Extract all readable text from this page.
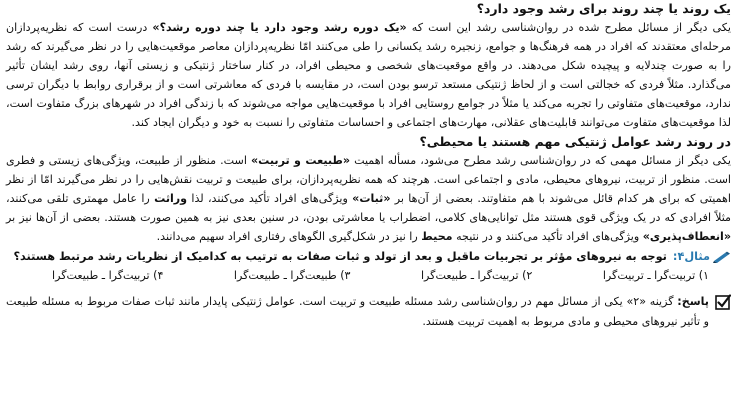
یک روند یا چند روند برای رشد وجود دارد؟

یکی دیگر از مسائل مطرح شده در روان‌شناسی رشد این است که «یک دوره رشد وجود دارد یا چند دوره رشد؟» درست است که نظریه‌پردازان مرحله‌ای معتقدند که افراد در همه فرهنگ‌ها و جوامع، زنجیره رشد یکسانی را طی می‌کنند امّا نظریه‌پردازان معاصر موقعیت‌هایی را در نظر می‌گیرند که رشد را به صورت چندلایه و پیچیده شکل می‌دهند. در واقع موقعیت‌های شخصی و محیطی افراد، در کنار ساختار ژنتیکی و زیستی آنها، روی رشد ایشان تأثیر می‌گذارد. مثلاً فردی که خجالتی است و از لحاظ ژنتیکی مستعد ترسو بودن است، در مقایسه با فردی که معاشرتی است و از برقراری روابط با دیگران ترسی ندارد، موقعیت‌های متفاوتی را تجربه می‌کند یا مثلاً در جوامع روستایی افراد با موقعیت‌هایی مواجه می‌شوند که با زندگی افراد در شهرهای بزرگ متفاوت است، لذا موقعیت‌های متفاوت می‌توانند قابلیت‌های عقلانی، مهارت‌های اجتماعی و احساسات متفاوتی را نسبت به خود و دیگران ایجاد کند.

در روند رشد عوامل ژنتیکی مهم هستند یا محیطی؟

یکی دیگر از مسائل مهمی که در روان‌شناسی رشد مطرح می‌شود، مسأله اهمیت «طبیعت و تربیت» است. منظور از طبیعت، ویژگی‌های زیستی و فطری است. منظور از تربیت، نیروهای محیطی، مادی و اجتماعی است. هرچند که همه نظریه‌پردازان، برای طبیعت و تربیت نقش‌هایی را در نظر می‌گیرند امّا از نظر اهمیتی که برای هر کدام قائل می‌شوند با هم متفاوتند. بعضی از آن‌ها بر «ثبات» ویژگی‌های افراد تأکید می‌کنند، لذا وراثت را عامل مهمتری تلقی می‌کنند، مثلاً افرادی که در یک ویژگی قوی هستند مثل توانایی‌های کلامی، اضطراب یا معاشرتی بودن، در سنین بعدی نیز به همین صورت هستند. بعضی از آن‌ها نیز بر «انعطاف‌پذیری» ویژگی‌های افراد تأکید می‌کنند و در نتیجه محیط را نیز در شکل‌گیری الگوهای رفتاری افراد سهیم می‌دانند.

مثال۴:
توجه به نیروهای مؤثر بر تجربیات ماقبل و بعد از تولد و ثبات صفات به ترتیب به کدامیک از نظریات رشد مرتبط هستند؟
۱) تربیت‌گرا ـ تربیت‌گرا
۲) تربیت‌گرا ـ طبیعت‌گرا
۳) طبیعت‌گرا ـ طبیعت‌گرا
۴) تربیت‌گرا ـ طبیعت‌گرا
پاسخ: گزینه «۲» یکی از مسائل مهم در روان‌شناسی رشد مسئله طبیعت و تربیت است. عوامل ژنتیکی پایدار مانند ثبات صفات مربوط به مسئله طبیعت و تأثیر نیروهای محیطی و مادی مربوط به اهمیت تربیت هستند.
